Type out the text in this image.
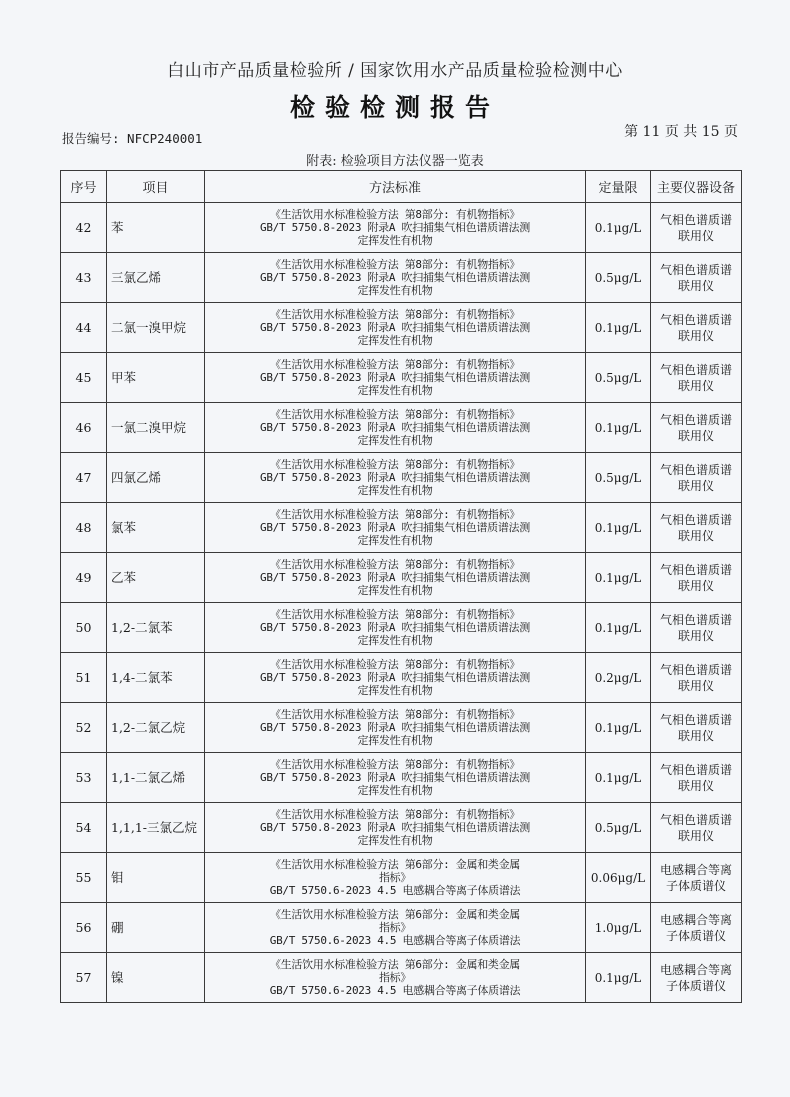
白山市产品质量检验所 / 国家饮用水产品质量检验检测中心
检验检测报告
报告编号: NFCP240001	第 11 页 共 15 页
附表: 检验项目方法仪器一览表
序号	项目	方法标准	定量限	主要仪器设备
42	苯	《生活饮用水标准检验方法 第8部分: 有机物指标》
GB/T 5750.8-2023 附录A 吹扫捕集气相色谱质谱法测
定挥发性有机物	0.1μg/L	气相色谱质谱联用仪
43	三氯乙烯	《生活饮用水标准检验方法 第8部分: 有机物指标》
GB/T 5750.8-2023 附录A 吹扫捕集气相色谱质谱法测
定挥发性有机物	0.5μg/L	气相色谱质谱联用仪
44	二氯一溴甲烷	《生活饮用水标准检验方法 第8部分: 有机物指标》
GB/T 5750.8-2023 附录A 吹扫捕集气相色谱质谱法测
定挥发性有机物	0.1μg/L	气相色谱质谱联用仪
45	甲苯	《生活饮用水标准检验方法 第8部分: 有机物指标》
GB/T 5750.8-2023 附录A 吹扫捕集气相色谱质谱法测
定挥发性有机物	0.5μg/L	气相色谱质谱联用仪
46	一氯二溴甲烷	《生活饮用水标准检验方法 第8部分: 有机物指标》
GB/T 5750.8-2023 附录A 吹扫捕集气相色谱质谱法测
定挥发性有机物	0.1μg/L	气相色谱质谱联用仪
47	四氯乙烯	《生活饮用水标准检验方法 第8部分: 有机物指标》
GB/T 5750.8-2023 附录A 吹扫捕集气相色谱质谱法测
定挥发性有机物	0.5μg/L	气相色谱质谱联用仪
48	氯苯	《生活饮用水标准检验方法 第8部分: 有机物指标》
GB/T 5750.8-2023 附录A 吹扫捕集气相色谱质谱法测
定挥发性有机物	0.1μg/L	气相色谱质谱联用仪
49	乙苯	《生活饮用水标准检验方法 第8部分: 有机物指标》
GB/T 5750.8-2023 附录A 吹扫捕集气相色谱质谱法测
定挥发性有机物	0.1μg/L	气相色谱质谱联用仪
50	1,2-二氯苯	《生活饮用水标准检验方法 第8部分: 有机物指标》
GB/T 5750.8-2023 附录A 吹扫捕集气相色谱质谱法测
定挥发性有机物	0.1μg/L	气相色谱质谱联用仪
51	1,4-二氯苯	《生活饮用水标准检验方法 第8部分: 有机物指标》
GB/T 5750.8-2023 附录A 吹扫捕集气相色谱质谱法测
定挥发性有机物	0.2μg/L	气相色谱质谱联用仪
52	1,2-二氯乙烷	《生活饮用水标准检验方法 第8部分: 有机物指标》
GB/T 5750.8-2023 附录A 吹扫捕集气相色谱质谱法测
定挥发性有机物	0.1μg/L	气相色谱质谱联用仪
53	1,1-二氯乙烯	《生活饮用水标准检验方法 第8部分: 有机物指标》
GB/T 5750.8-2023 附录A 吹扫捕集气相色谱质谱法测
定挥发性有机物	0.1μg/L	气相色谱质谱联用仪
54	1,1,1-三氯乙烷	《生活饮用水标准检验方法 第8部分: 有机物指标》
GB/T 5750.8-2023 附录A 吹扫捕集气相色谱质谱法测
定挥发性有机物	0.5μg/L	气相色谱质谱联用仪
55	钼	《生活饮用水标准检验方法 第6部分: 金属和类金属
指标》
GB/T 5750.6-2023 4.5 电感耦合等离子体质谱法	0.06μg/L	电感耦合等离子体质谱仪
56	硼	《生活饮用水标准检验方法 第6部分: 金属和类金属
指标》
GB/T 5750.6-2023 4.5 电感耦合等离子体质谱法	1.0μg/L	电感耦合等离子体质谱仪
57	镍	《生活饮用水标准检验方法 第6部分: 金属和类金属
指标》
GB/T 5750.6-2023 4.5 电感耦合等离子体质谱法	0.1μg/L	电感耦合等离子体质谱仪
